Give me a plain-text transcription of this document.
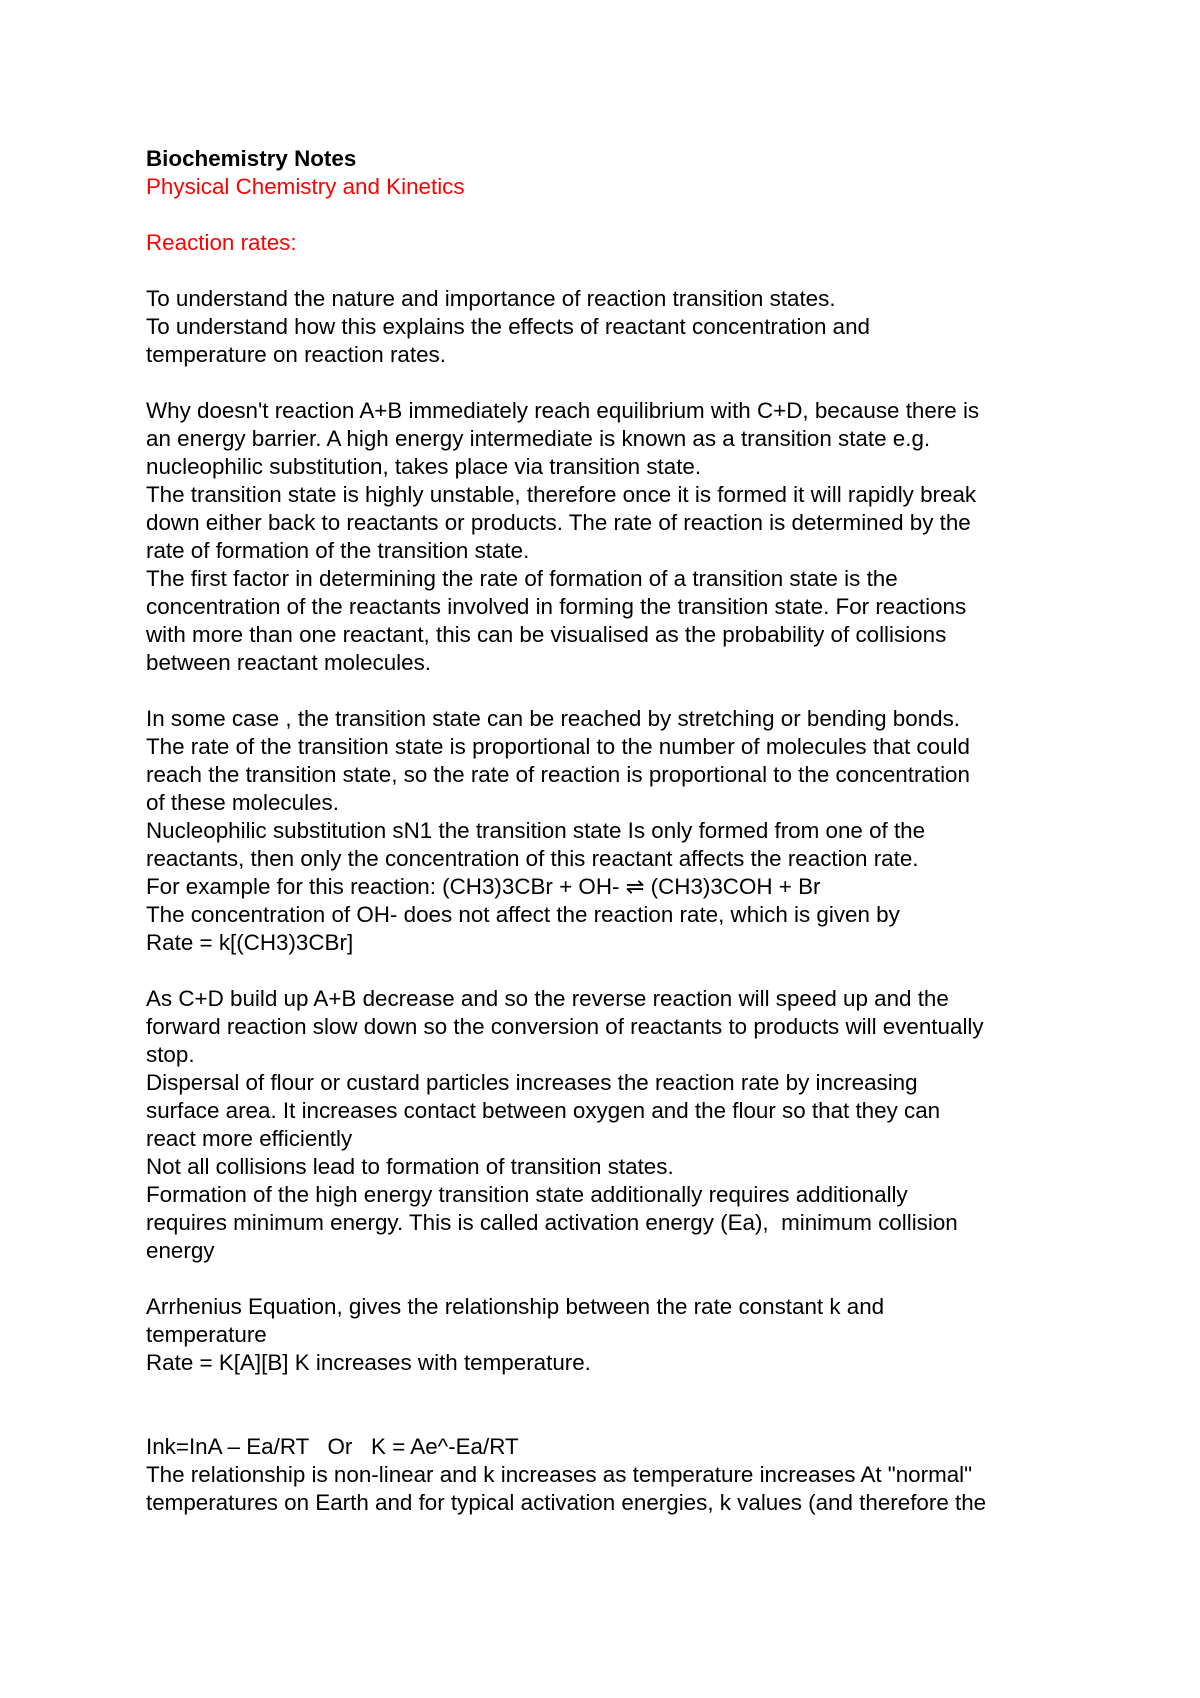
Biochemistry Notes
Physical Chemistry and Kinetics
Reaction rates:
To understand the nature and importance of reaction transition states.
To understand how this explains the effects of reactant concentration and
temperature on reaction rates.
Why doesn't reaction A+B immediately reach equilibrium with C+D, because there is
an energy barrier. A high energy intermediate is known as a transition state e.g.
nucleophilic substitution, takes place via transition state.
The transition state is highly unstable, therefore once it is formed it will rapidly break
down either back to reactants or products. The rate of reaction is determined by the
rate of formation of the transition state.
The first factor in determining the rate of formation of a transition state is the
concentration of the reactants involved in forming the transition state. For reactions
with more than one reactant, this can be visualised as the probability of collisions
between reactant molecules.
In some case , the transition state can be reached by stretching or bending bonds.
The rate of the transition state is proportional to the number of molecules that could
reach the transition state, so the rate of reaction is proportional to the concentration
of these molecules.
Nucleophilic substitution sN1 the transition state Is only formed from one of the
reactants, then only the concentration of this reactant affects the reaction rate.
For example for this reaction: (CH3)3CBr + OH- ⇌ (CH3)3COH + Br
The concentration of OH- does not affect the reaction rate, which is given by
Rate = k[(CH3)3CBr]
As C+D build up A+B decrease and so the reverse reaction will speed up and the
forward reaction slow down so the conversion of reactants to products will eventually
stop.
Dispersal of flour or custard particles increases the reaction rate by increasing
surface area. It increases contact between oxygen and the flour so that they can
react more efficiently
Not all collisions lead to formation of transition states.
Formation of the high energy transition state additionally requires additionally
requires minimum energy. This is called activation energy (Ea),  minimum collision
energy
Arrhenius Equation, gives the relationship between the rate constant k and
temperature
Rate = K[A][B] K increases with temperature.
Ink=InA – Ea/RT   Or   K = Ae^-Ea/RT
The relationship is non-linear and k increases as temperature increases At "normal"
temperatures on Earth and for typical activation energies, k values (and therefore the
